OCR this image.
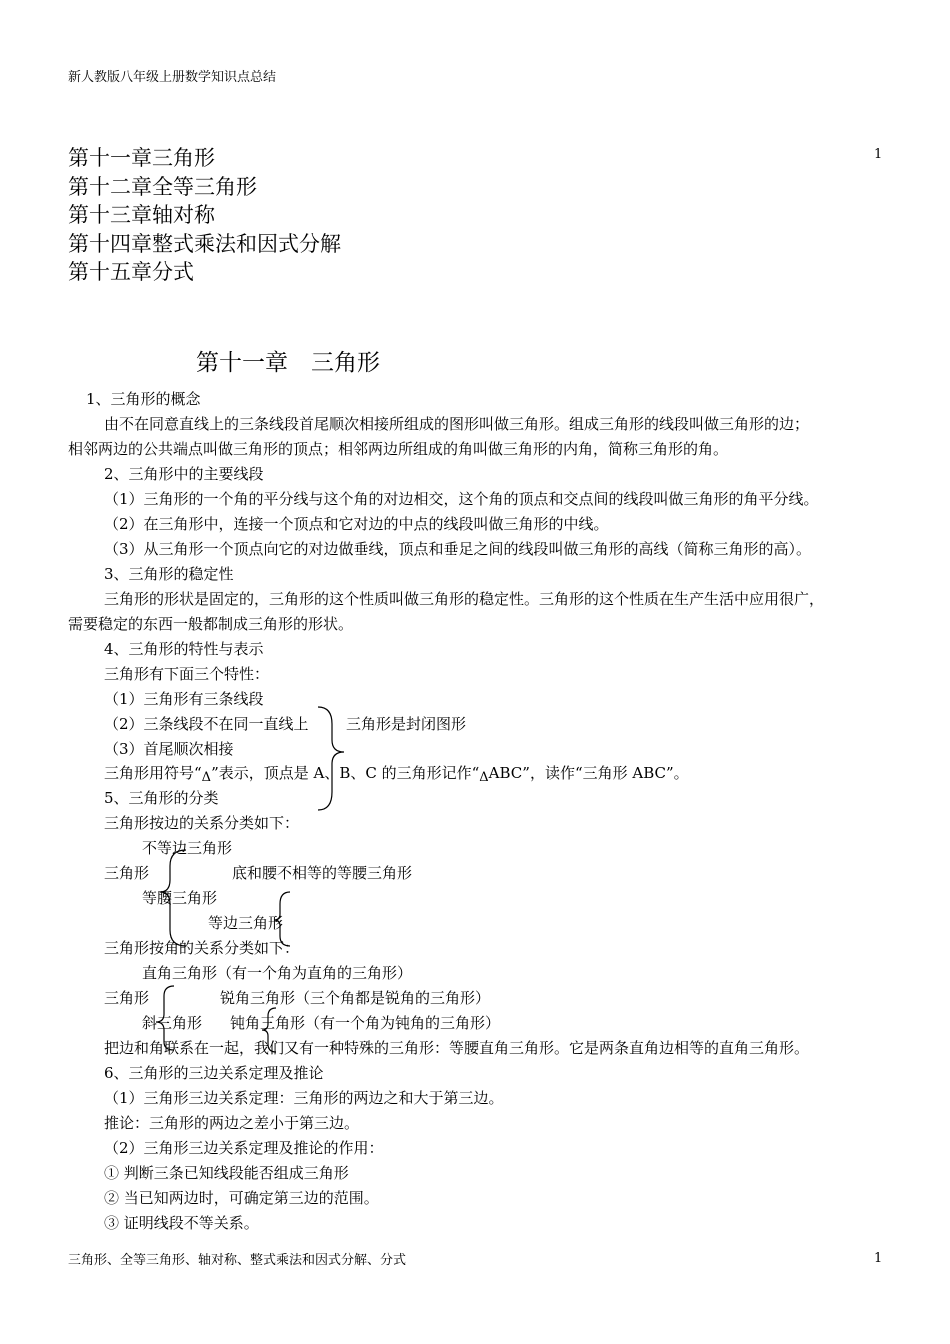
新人教版八年级上册数学知识点总结
第十一章三角形
第十二章全等三角形
第十三章轴对称
第十四章整式乘法和因式分解
第十五章分式
1
第十一章　三角形
1、三角形的概念
由不在同意直线上的三条线段首尾顺次相接所组成的图形叫做三角形。组成三角形的线段叫做三角形的边；
相邻两边的公共端点叫做三角形的顶点；相邻两边所组成的角叫做三角形的内角，简称三角形的角。
2、三角形中的主要线段
（1）三角形的一个角的平分线与这个角的对边相交，这个角的顶点和交点间的线段叫做三角形的角平分线。
（2）在三角形中，连接一个顶点和它对边的中点的线段叫做三角形的中线。
（3）从三角形一个顶点向它的对边做垂线，顶点和垂足之间的线段叫做三角形的高线（简称三角形的高）。
3、三角形的稳定性
三角形的形状是固定的，三角形的这个性质叫做三角形的稳定性。三角形的这个性质在生产生活中应用很广，
需要稳定的东西一般都制成三角形的形状。
4、三角形的特性与表示
三角形有下面三个特性：
（1）三角形有三条线段
（2）三条线段不在同一直线上 三角形是封闭图形
（3）首尾顺次相接
三角形用符号“Δ”表示，顶点是 A、B、C 的三角形记作“ΔABC”，读作“三角形 ABC”。
5、三角形的分类
三角形按边的关系分类如下：
不等边三角形
三角形	底和腰不相等的等腰三角形
等腰三角形
等边三角形
三角形按角的关系分类如下：
直角三角形（有一个角为直角的三角形）
三角形	锐角三角形（三个角都是锐角的三角形）
斜三角形 钝角三角形（有一个角为钝角的三角形）
把边和角联系在一起，我们又有一种特殊的三角形：等腰直角三角形。它是两条直角边相等的直角三角形。
6、三角形的三边关系定理及推论
（1）三角形三边关系定理：三角形的两边之和大于第三边。
推论：三角形的两边之差小于第三边。
（2）三角形三边关系定理及推论的作用：
① 判断三条已知线段能否组成三角形
② 当已知两边时，可确定第三边的范围。
③ 证明线段不等关系。
三角形、全等三角形、轴对称、整式乘法和因式分解、分式	1
